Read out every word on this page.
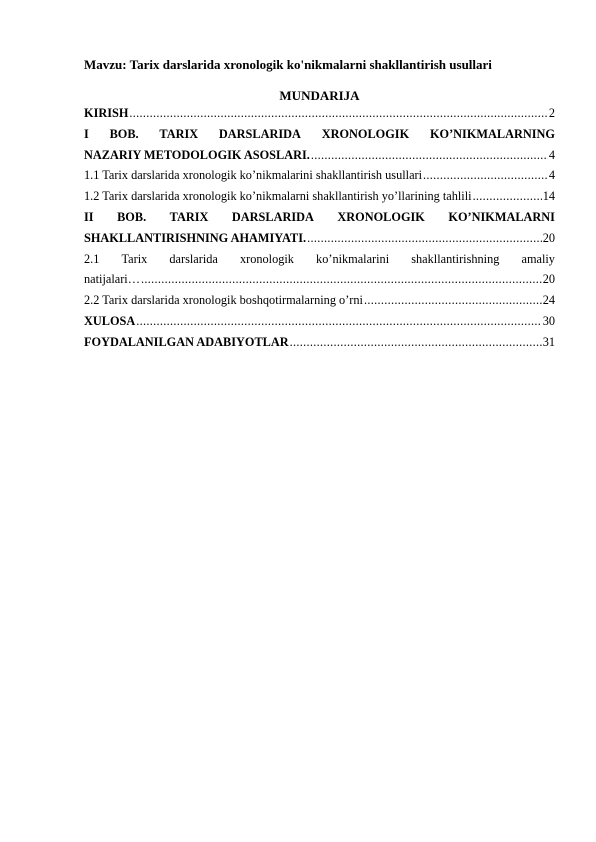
Mavzu: Tarix darslarida xronologik ko'nikmalarni shakllantirish usullari
MUNDARIJA
KIRISH .....	2
I BOB. TARIX DARSLARIDA XRONOLOGIK KO’NIKMALARNING
NAZARIY METODOLOGIK ASOSLARI. .....	4
1.1 Tarix darslarida xronologik ko’nikmalarini shakllantirish usullari .....	4
1.2 Tarix darslarida xronologik ko’nikmalarni shakllantirish yo’llarining tahlili .....	14
II BOB. TARIX DARSLARIDA XRONOLOGIK KO’NIKMALARNI
SHAKLLANTIRISHNING AHAMIYATI. .....	20
2.1 Tarix darslarida xronologik ko’nikmalarini shakllantirishning amaliy
natijalari… .....	20
2.2 Tarix darslarida xronologik boshqotirmalarning o’rni .....	24
XULOSA .....	30
FOYDALANILGAN ADABIYOTLAR .....	31
